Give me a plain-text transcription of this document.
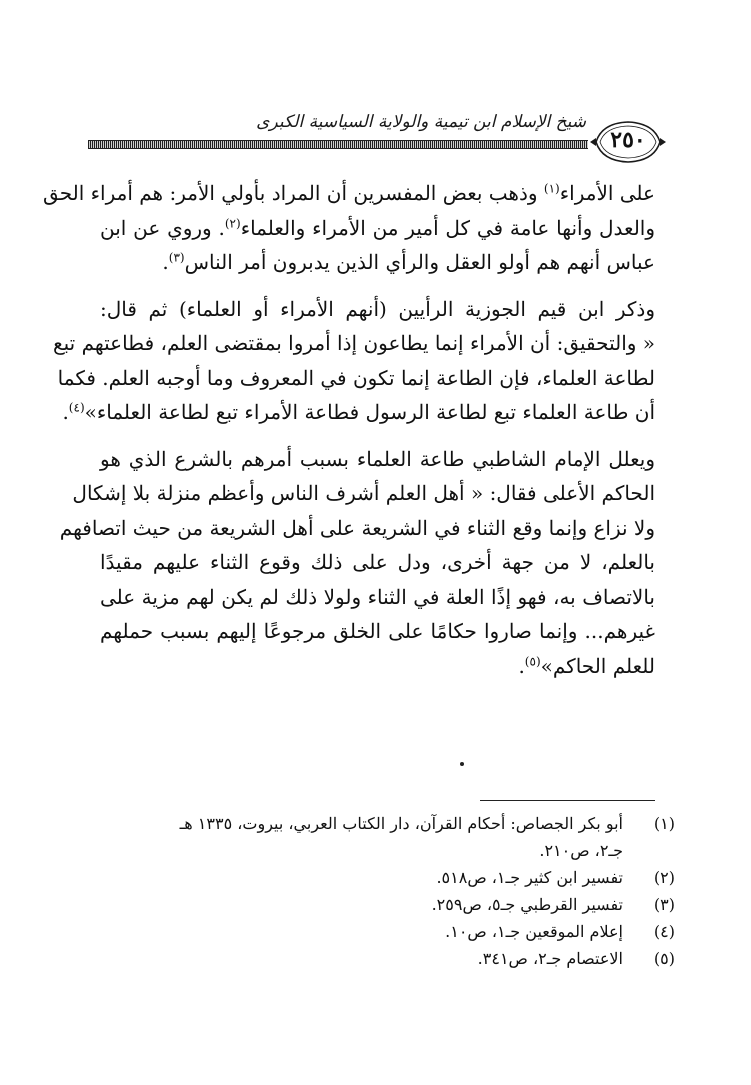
شيخ الإسلام ابن تيمية والولاية السياسية الكبرى
٢٥٠
على الأمراء$^{(١)}$ وذهب بعض المفسرين أن المراد بأولي الأمر: هم أمراء الحق
والعدل وأنها عامة في كل أمير من الأمراء والعلماء$^{(٢)}$. وروي عن ابن
عباس أنهم هم أولو العقل والرأي الذين يدبرون أمر الناس$^{(٣)}$.
وذكر ابن قيم الجوزية الرأيين (أنهم الأمراء أو العلماء) ثم قال:
« والتحقيق: أن الأمراء إنما يطاعون إذا أمروا بمقتضى العلم، فطاعتهم تبع
لطاعة العلماء، فإن الطاعة إنما تكون في المعروف وما أوجبه العلم. فكما
أن طاعة العلماء تبع لطاعة الرسول فطاعة الأمراء تبع لطاعة العلماء»$^{(٤)}$.
ويعلل الإمام الشاطبي طاعة العلماء بسبب أمرهم بالشرع الذي هو
الحاكم الأعلى فقال: « أهل العلم أشرف الناس وأعظم منزلة بلا إشكال
ولا نزاع وإنما وقع الثناء في الشريعة على أهل الشريعة من حيث اتصافهم
بالعلم، لا من جهة أخرى، ودل على ذلك وقوع الثناء عليهم مقيدًا
بالاتصاف به، فهو إذًا العلة في الثناء ولولا ذلك لم يكن لهم مزية على
غيرهم... وإنما صاروا حكامًا على الخلق مرجوعًا إليهم بسبب حملهم
للعلم الحاكم»$^{(٥)}$.
(١)أبو بكر الجصاص: أحكام القرآن، دار الكتاب العربي، بيروت، ١٣٣٥ هـ
جـ٢، ص٢١٠.
(٢)تفسير ابن كثير جـ١، ص٥١٨.
(٣)تفسير القرطبي جـ٥، ص٢٥٩.
(٤)إعلام الموقعين جـ١، ص١٠.
(٥)الاعتصام جـ٢، ص٣٤١.
